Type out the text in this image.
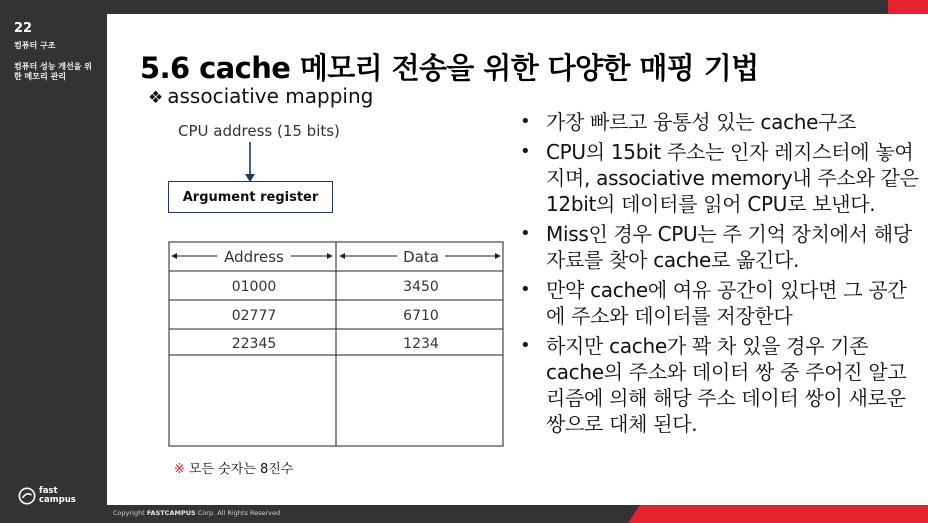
22
컴퓨터 구조
컴퓨터 성능 개선을 위한 메모리 관리
fast
campus
5.6 cache 메모리 전송을 위한 다양한 매핑 기법
❖ associative mapping
CPU address (15 bits)
Argument register
Address	Data
01000	3450
02777	6710
22345	1234
※ 모든 숫자는 8진수
• 가장 빠르고 융통성 있는 cache구조
• CPU의 15bit 주소는 인자 레지스터에 놓여지며, associative memory내 주소와 같은 12bit의 데이터를 읽어 CPU로 보낸다.
• Miss인 경우 CPU는 주 기억 장치에서 해당 자료를 찾아 cache로 옮긴다.
• 만약 cache에 여유 공간이 있다면 그 공간에 주소와 데이터를 저장한다
• 하지만 cache가 꽉 차 있을 경우 기존 cache의 주소와 데이터 쌍 중 주어진 알고리즘에 의해 해당 주소 데이터 쌍이 새로운 쌍으로 대체 된다.
Copyright FASTCAMPUS Corp. All Rights Reserved
